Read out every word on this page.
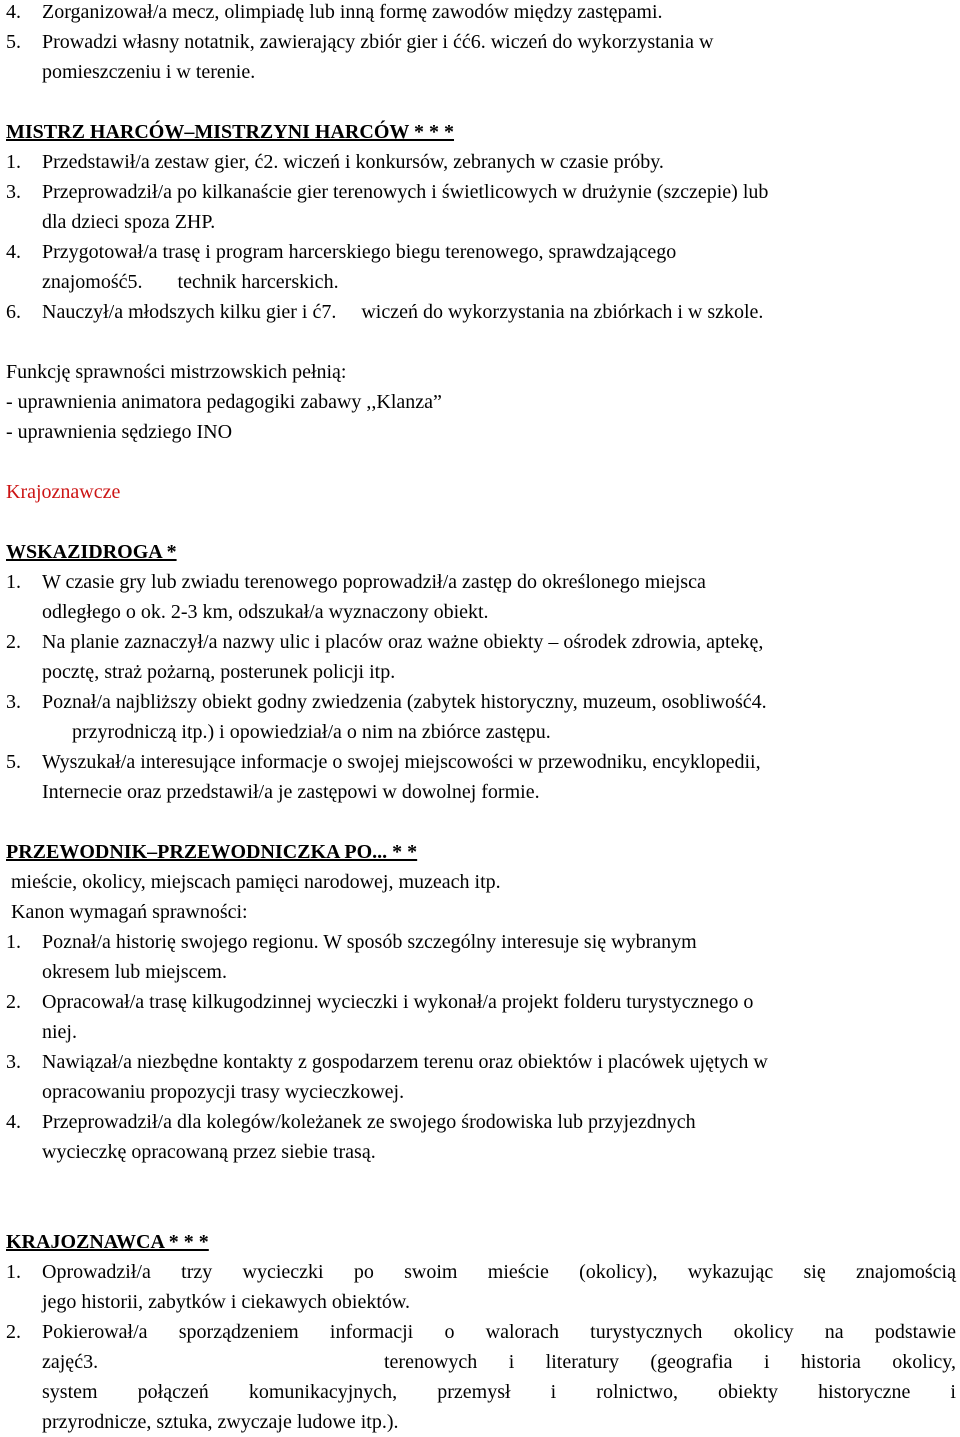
4.	Zorganizował/a mecz, olimpiadę lub inną formę zawodów między zastępami.
5.	Prowadzi własny notatnik, zawierający zbiór gier i ćć6. wiczeń do wykorzystania w
pomieszczeniu i w terenie.
MISTRZ HARCÓW–MISTRZYNI HARCÓW * * *
1.	Przedstawił/a zestaw gier, ć2. wiczeń i konkursów, zebranych w czasie próby.
3.	Przeprowadził/a po kilkanaście gier terenowych i świetlicowych w drużynie (szczepie) lub
dla dzieci spoza ZHP.
4.	Przygotował/a trasę i program harcerskiego biegu terenowego, sprawdzającego
znajomość5.       technik harcerskich.
6.	Nauczył/a młodszych kilku gier i ć7.     wiczeń do wykorzystania na zbiórkach i w szkole.
Funkcję sprawności mistrzowskich pełnią:
- uprawnienia animatora pedagogiki zabawy ,,Klanza”
- uprawnienia sędziego INO
Krajoznawcze
WSKAZIDROGA *
1.	W czasie gry lub zwiadu terenowego poprowadził/a zastęp do określonego miejsca
odległego o ok. 2-3 km, odszukał/a wyznaczony obiekt.
2.	Na planie zaznaczył/a nazwy ulic i placów oraz ważne obiekty – ośrodek zdrowia, aptekę,
pocztę, straż pożarną, posterunek policji itp.
3.	Poznał/a najbliższy obiekt godny zwiedzenia (zabytek historyczny, muzeum, osobliwość4.
przyrodniczą itp.) i opowiedział/a o nim na zbiórce zastępu.
5.	Wyszukał/a interesujące informacje o swojej miejscowości w przewodniku, encyklopedii,
Internecie oraz przedstawił/a je zastępowi w dowolnej formie.
PRZEWODNIK–PRZEWODNICZKA PO... * *
mieście, okolicy, miejscach pamięci narodowej, muzeach itp.
Kanon wymagań sprawności:
1.	Poznał/a historię swojego regionu. W sposób szczególny interesuje się wybranym
okresem lub miejscem.
2.	Opracował/a trasę kilkugodzinnej wycieczki i wykonał/a projekt folderu turystycznego o
niej.
3.	Nawiązał/a niezbędne kontakty z gospodarzem terenu oraz obiektów i placówek ujętych w
opracowaniu propozycji trasy wycieczkowej.
4.	Przeprowadził/a dla kolegów/koleżanek ze swojego środowiska lub przyjezdnych
wycieczkę opracowaną przez siebie trasą.
KRAJOZNAWCA * * *
1.	Oprowadził/a trzy wycieczki po swoim mieście (okolicy), wykazując się znajomością
jego historii, zabytków i ciekawych obiektów.
2.	Pokierował/a sporządzeniem informacji o walorach turystycznych okolicy na podstawie
zajęć3.	terenowych i literatury (geografia i historia okolicy,
system połączeń komunikacyjnych, przemysł i rolnictwo, obiekty historyczne i
przyrodnicze, sztuka, zwyczaje ludowe itp.).
